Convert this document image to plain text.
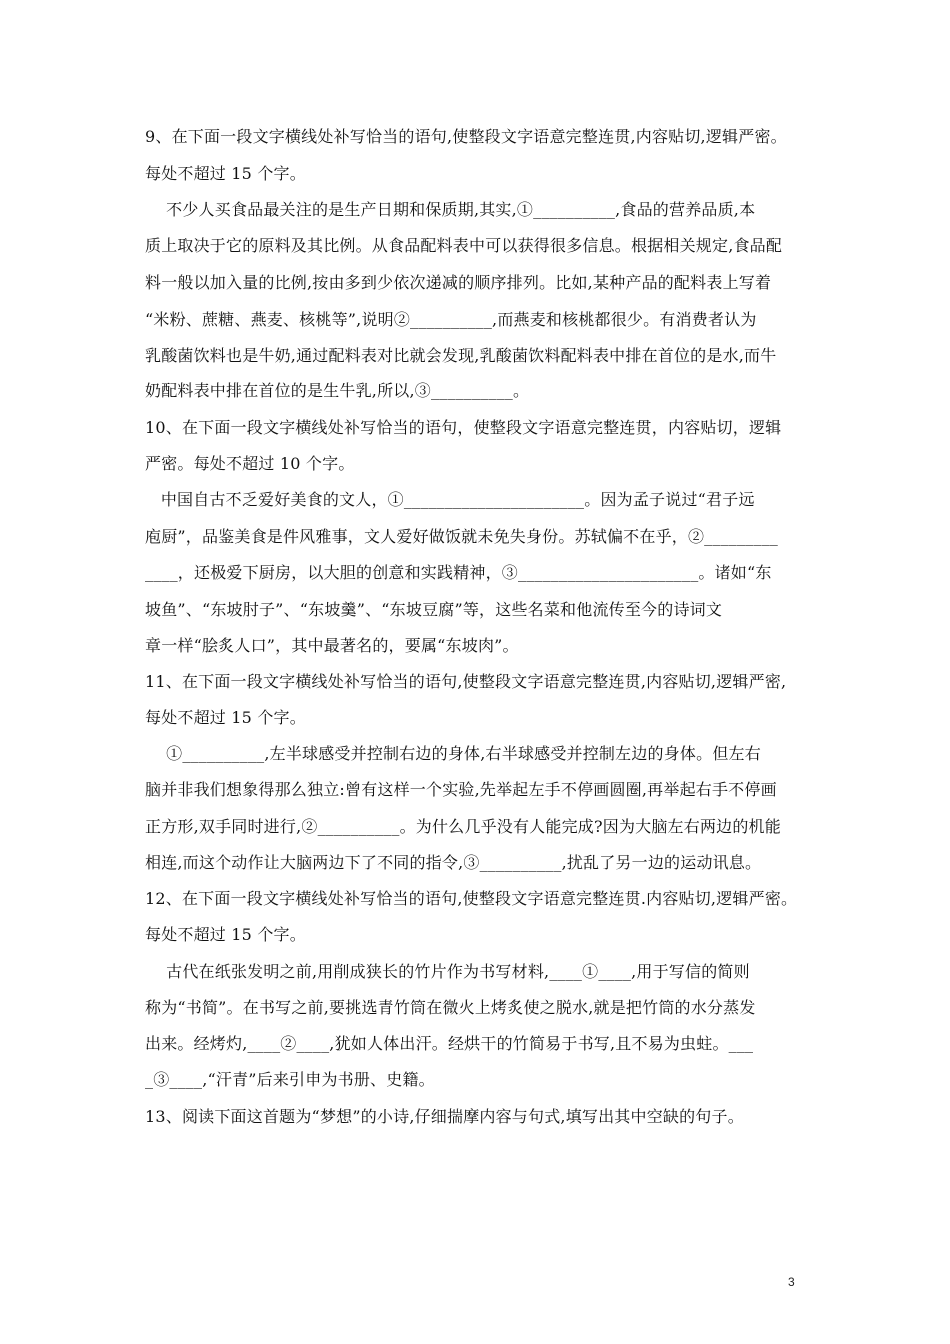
9、在下面一段文字横线处补写恰当的语句,使整段文字语意完整连贯,内容贴切,逻辑严密。
每处不超过 15 个字。
不少人买食品最关注的是生产日期和保质期,其实,①__________,食品的营养品质,本
质上取决于它的原料及其比例。从食品配料表中可以获得很多信息。根据相关规定,食品配
料一般以加入量的比例,按由多到少依次递减的顺序排列。比如,某种产品的配料表上写着
“米粉、蔗糖、燕麦、核桃等”,说明②__________,而燕麦和核桃都很少。有消费者认为
乳酸菌饮料也是牛奶,通过配料表对比就会发现,乳酸菌饮料配料表中排在首位的是水,而牛
奶配料表中排在首位的是生牛乳,所以,③__________。
10、在下面一段文字横线处补写恰当的语句，使整段文字语意完整连贯，内容贴切，逻辑
严密。每处不超过 10 个字。
中国自古不乏爱好美食的文人，①______________________。因为孟子说过“君子远
庖厨”，品鉴美食是件风雅事，文人爱好做饭就未免失身份。苏轼偏不在乎，②_________
____，还极爱下厨房，以大胆的创意和实践精神，③______________________。诸如“东
坡鱼”、“东坡肘子”、“东坡羹”、“东坡豆腐”等，这些名菜和他流传至今的诗词文
章一样“脍炙人口”，其中最著名的，要属“东坡肉”。
11、在下面一段文字横线处补写恰当的语句,使整段文字语意完整连贯,内容贴切,逻辑严密,
每处不超过 15 个字。
①__________,左半球感受并控制右边的身体,右半球感受并控制左边的身体。但左右
脑并非我们想象得那么独立:曾有这样一个实验,先举起左手不停画圆圈,再举起右手不停画
正方形,双手同时进行,②__________。为什么几乎没有人能完成?因为大脑左右两边的机能
相连,而这个动作让大脑两边下了不同的指令,③__________,扰乱了另一边的运动讯息。
12、在下面一段文字横线处补写恰当的语句,使整段文字语意完整连贯.内容贴切,逻辑严密。
每处不超过 15 个字。
古代在纸张发明之前,用削成狭长的竹片作为书写材料,____①____,用于写信的简则
称为“书简”。在书写之前,要挑选青竹筒在微火上烤炙使之脱水,就是把竹筒的水分蒸发
出来。经烤灼,____②____,犹如人体出汗。经烘干的竹简易于书写,且不易为虫蛀。___
_③____,“汗青”后来引申为书册、史籍。
13、阅读下面这首题为“梦想”的小诗,仔细揣摩内容与句式,填写出其中空缺的句子。
3
